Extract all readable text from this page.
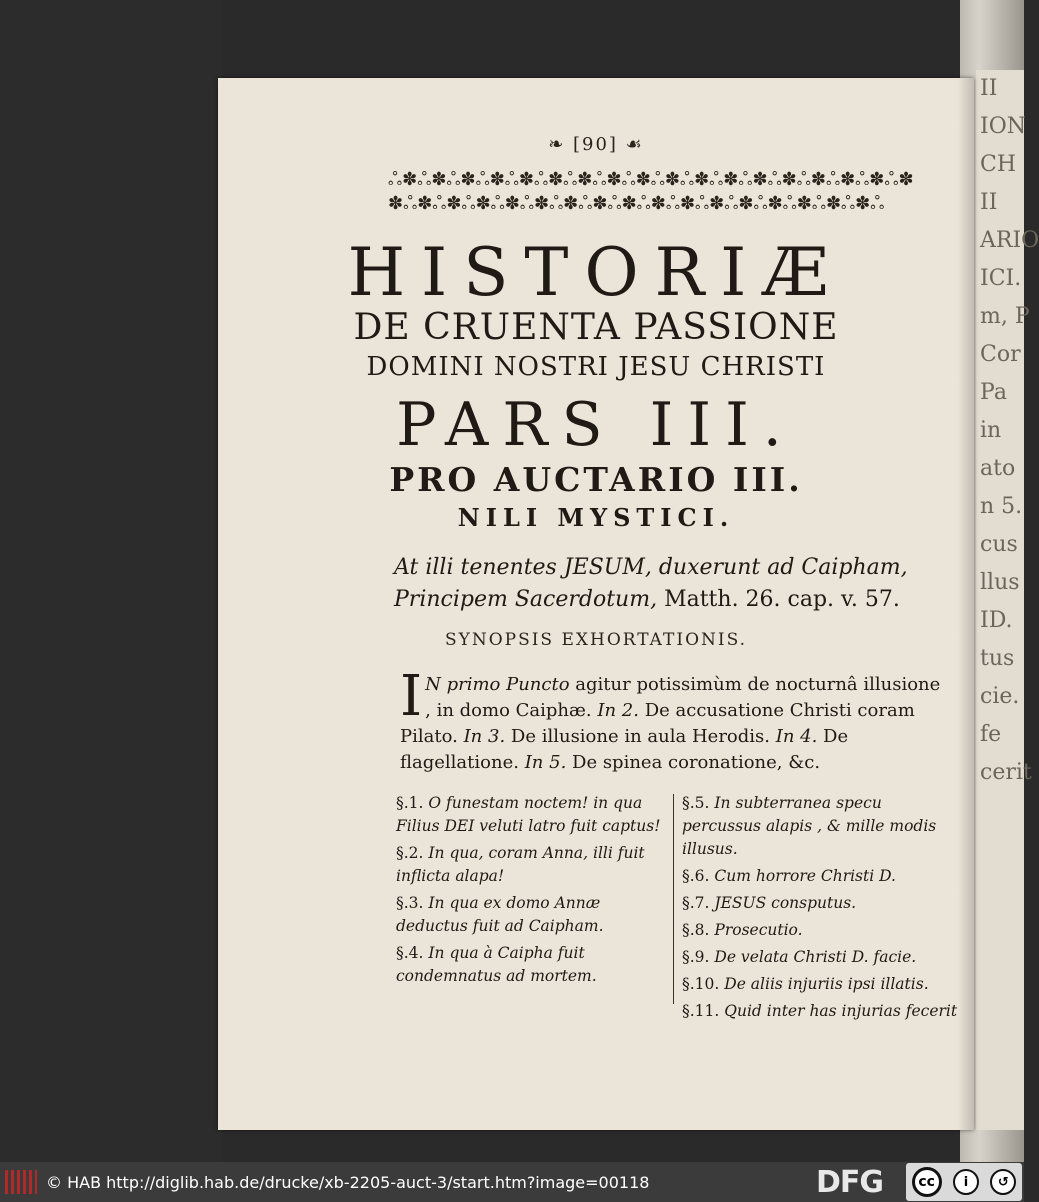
II
ION
CH
II
ARIO
ICI.
m, P
Cor
Pa
in
ato
n 5.
cus
llus
ID.
tus
cie.
fe
cerit
❧ [90] ☙
ஃ✽ஃ✽ஃ✽ஃ✽ஃ✽ஃ✽ஃ✽ஃ✽ஃ✽ஃ✽ஃ✽ஃ✽ஃ✽ஃ✽ஃ✽ஃ✽ஃ✽ஃ✽
✽ஃ✽ஃ✽ஃ✽ஃ✽ஃ✽ஃ✽ஃ✽ஃ✽ஃ✽ஃ✽ஃ✽ஃ✽ஃ✽ஃ✽ஃ✽ஃ✽ஃ
HISTORIÆ
DE CRUENTA PASSIONE
DOMINI NOSTRI JESU CHRISTI
PARS III.
PRO AUCTARIO III.
NILI MYSTICI.
At illi tenentes JESUM, duxerunt ad Caipham, Principem Sacerdotum, Matth. 26. cap. v. 57.
SYNOPSIS EXHORTATIONIS.
I N primo Puncto agitur potissimùm de nocturnâ illusione , in domo Caiphæ. In 2. De accusatione Christi coram Pilato. In 3. De illusione in aula Herodis. In 4. De flagellatione. In 5. De spinea coronatione, &c.
§.1. O funestam noctem! in qua Filius DEI veluti latro fuit captus!
§.2. In qua, coram Anna, illi fuit inflicta alapa!
§.3. In qua ex domo Annæ deductus fuit ad Caipham.
§.4. In qua à Caipha fuit condemnatus ad mortem.
§.5. In subterranea specu percussus alapis , & mille modis illusus.
§.6. Cum horrore Christi D.
§.7. JESUS consputus.
§.8. Prosecutio.
§.9. De velata Christi D. facie.
§.10. De aliis injuriis ipsi illatis.
§.11. Quid inter has injurias fecerit
© HAB http://diglib.hab.de/drucke/xb-2205-auct-3/start.htm?image=00118	DFG	cc	i	↺
